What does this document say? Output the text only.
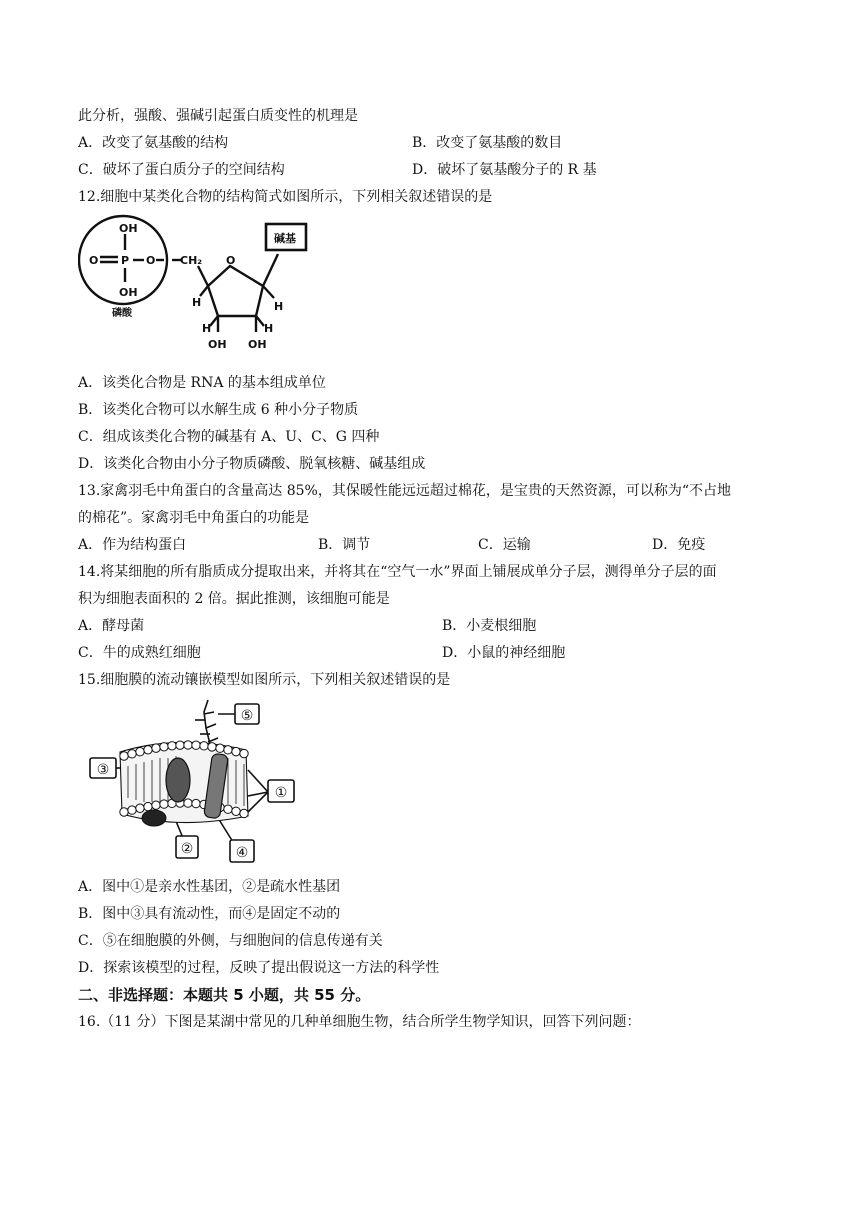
此分析，强酸、强碱引起蛋白质变性的机理是
A．改变了氨基酸的结构	B．改变了氨基酸的数目
C．破坏了蛋白质分子的空间结构	D．破坏了氨基酸分子的 R 基
12.细胞中某类化合物的结构简式如图所示，下列相关叙述错误的是
OH
O P O
OH
CH₂ O
H
H	H
H
OH OH
碱基
磷酸
A．该类化合物是 RNA 的基本组成单位
B．该类化合物可以水解生成 6 种小分子物质
C．组成该类化合物的碱基有 A、U、C、G 四种
D．该类化合物由小分子物质磷酸、脱氧核糖、碱基组成
13.家禽羽毛中角蛋白的含量高达 85%，其保暖性能远远超过棉花，是宝贵的天然资源，可以称为“不占地
的棉花”。家禽羽毛中角蛋白的功能是
A．作为结构蛋白	B．调节	C．运输	D．免疫
14.将某细胞的所有脂质成分提取出来，并将其在“空气一水”界面上铺展成单分子层，测得单分子层的面
积为细胞表面积的 2 倍。据此推测，该细胞可能是
A．酵母菌	B．小麦根细胞
C．牛的成熟红细胞	D．小鼠的神经细胞
15.细胞膜的流动镶嵌模型如图所示，下列相关叙述错误的是
⑤
③
①
②	④
A．图中①是亲水性基团，②是疏水性基团
B．图中③具有流动性，而④是固定不动的
C．⑤在细胞膜的外侧，与细胞间的信息传递有关
D．探索该模型的过程，反映了提出假说这一方法的科学性
二、非选择题：本题共 5 小题，共 55 分。
16.（11 分）下图是某湖中常见的几种单细胞生物，结合所学生物学知识，回答下列问题：
